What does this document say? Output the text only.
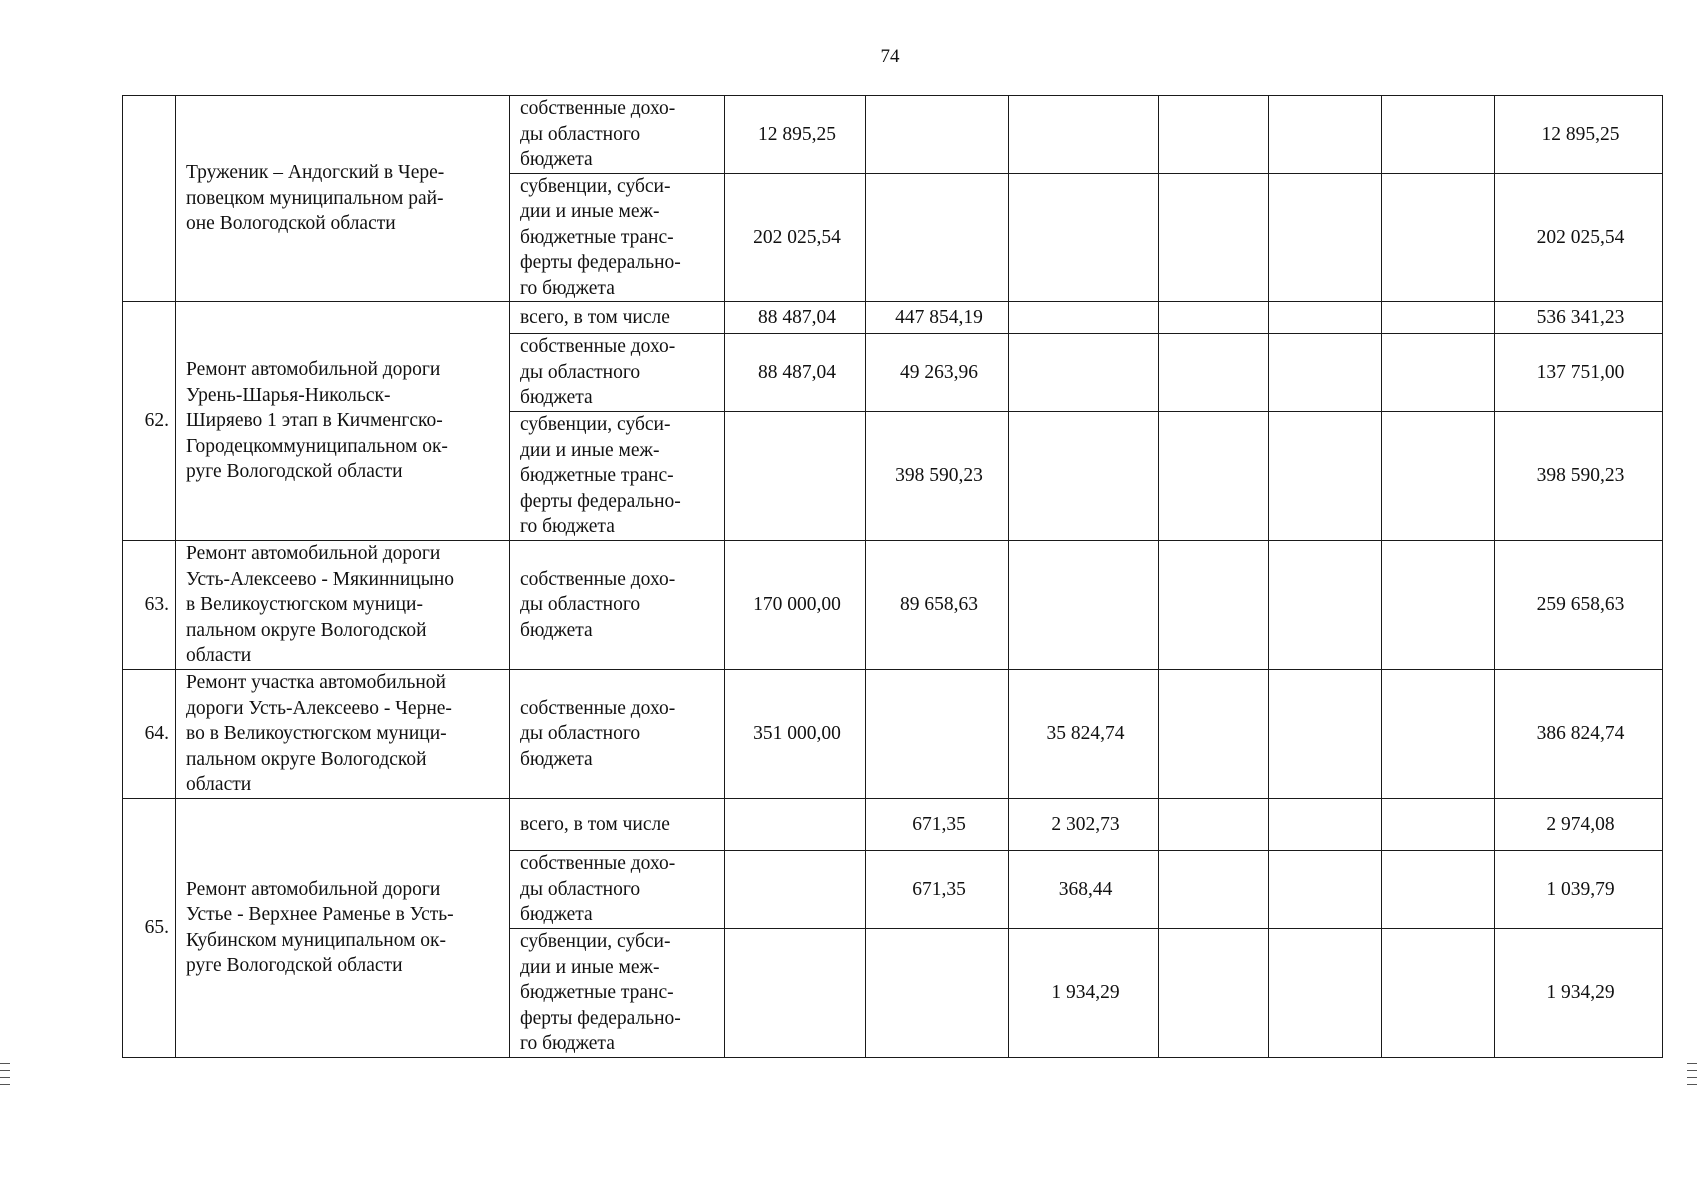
74
	Труженик – Андогский в Чере-
повецком муниципальном рай-
оне Вологодской области	собственные дохо-
ды областного
бюджета	12 895,25						12 895,25
		субвенции, субси-
дии и иные меж-
бюджетные транс-
ферты федерально-
го бюджета	202 025,54						202 025,54
62.	Ремонт автомобильной дороги
Урень-Шарья-Никольск-
Ширяево 1 этап в Кичменгско-
Городецкоммуниципальном ок-
руге Вологодской области	всего, в том числе	88 487,04	447 854,19					536 341,23
		собственные дохо-
ды областного
бюджета	88 487,04	49 263,96					137 751,00
		субвенции, субси-
дии и иные меж-
бюджетные транс-
ферты федерально-
го бюджета		398 590,23					398 590,23
63.	Ремонт автомобильной дороги
Усть-Алексеево - Мякинницыно
в Великоустюгском муници-
пальном округе Вологодской
области	собственные дохо-
ды областного
бюджета	170 000,00	89 658,63					259 658,63
64.	Ремонт участка автомобильной
дороги Усть-Алексеево - Черне-
во в Великоустюгском муници-
пальном округе Вологодской
области	собственные дохо-
ды областного
бюджета	351 000,00		35 824,74				386 824,74
65.	Ремонт автомобильной дороги
Устье - Верхнее Раменье в Усть-
Кубинском муниципальном ок-
руге Вологодской области	всего, в том числе		671,35	2 302,73				2 974,08
		собственные дохо-
ды областного
бюджета		671,35	368,44				1 039,79
		субвенции, субси-
дии и иные меж-
бюджетные транс-
ферты федерально-
го бюджета			1 934,29				1 934,29
